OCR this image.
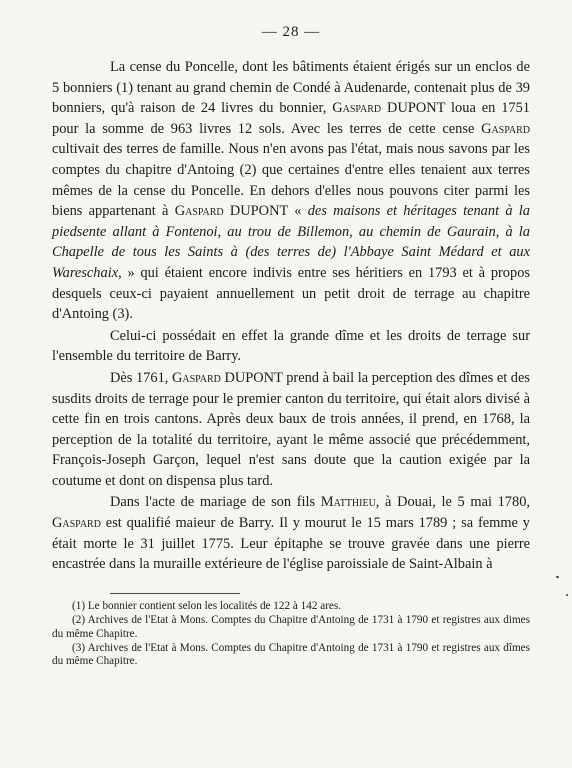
— 28 —

La cense du Poncelle, dont les bâtiments étaient érigés sur un enclos de 5 bonniers (1) tenant au grand chemin de Condé à Audenarde, contenait plus de 39 bonniers, qu'à raison de 24 livres du bonnier, Gaspard DUPONT loua en 1751 pour la somme de 963 livres 12 sols. Avec les terres de cette cense Gaspard cultivait des terres de famille. Nous n'en avons pas l'état, mais nous savons par les comptes du chapitre d'Antoing (2) que certaines d'entre elles tenaient aux terres mêmes de la cense du Poncelle. En dehors d'elles nous pouvons citer parmi les biens appartenant à Gaspard DUPONT « des maisons et héritages tenant à la piedsente allant à Fontenoi, au trou de Billemon, au chemin de Gaurain, à la Chapelle de tous les Saints à (des terres de) l'Abbaye Saint Médard et aux Wareschaix, » qui étaient encore indivis entre ses héritiers en 1793 et à propos desquels ceux-ci payaient annuellement un petit droit de terrage au chapitre d'Antoing (3).

Celui-ci possédait en effet la grande dîme et les droits de terrage sur l'ensemble du territoire de Barry.

Dès 1761, Gaspard DUPONT prend à bail la perception des dîmes et des susdits droits de terrage pour le premier canton du territoire, qui était alors divisé à cette fin en trois cantons. Après deux baux de trois années, il prend, en 1768, la perception de la totalité du territoire, ayant le même associé que précédemment, François-Joseph Garçon, lequel n'est sans doute que la caution exigée par la coutume et dont on dispensa plus tard.

Dans l'acte de mariage de son fils Matthieu, à Douai, le 5 mai 1780, Gaspard est qualifié maieur de Barry. Il y mourut le 15 mars 1789 ; sa femme y était morte le 31 juillet 1775. Leur épitaphe se trouve gravée dans une pierre encastrée dans la muraille extérieure de l'église paroissiale de Saint-Albain à

(1) Le bonnier contient selon les localités de 122 à 142 ares.

(2) Archives de l'Etat à Mons. Comptes du Chapitre d'Antoing de 1731 à 1790 et registres aux dimes du même Chapitre.

(3) Archives de l'Etat à Mons. Comptes du Chapitre d'Antoing de 1731 à 1790 et registres aux dîmes du même Chapitre.
